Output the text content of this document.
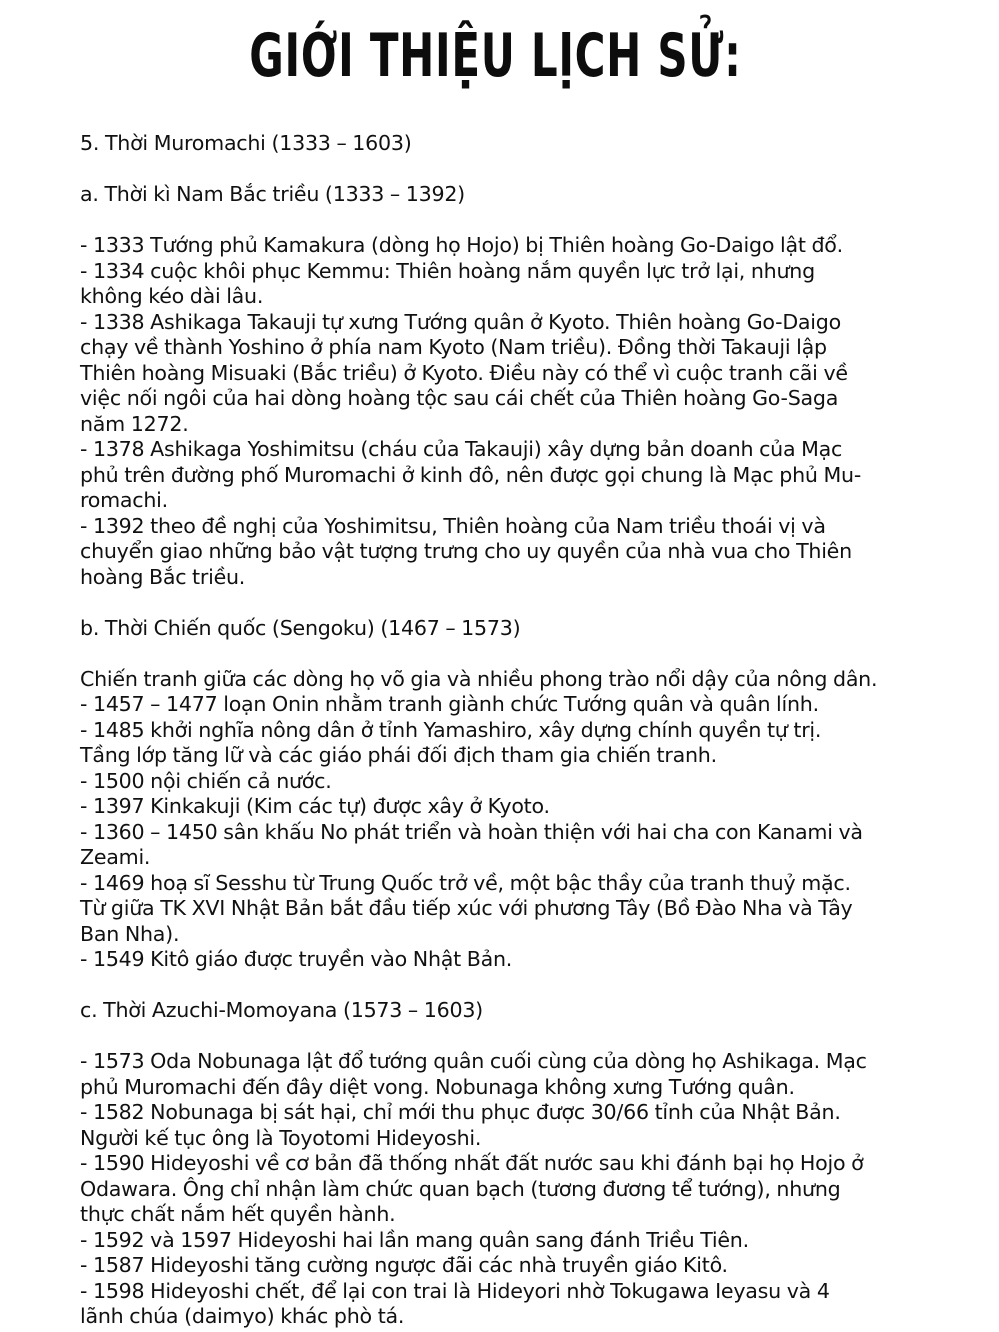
GIỚI THIỆU LỊCH SỬ:
5. Thời Muromachi (1333 – 1603)
a. Thời kì Nam Bắc triều (1333 – 1392)
- 1333 Tướng phủ Kamakura (dòng họ Hojo) bị Thiên hoàng Go-Daigo lật đổ.
- 1334 cuộc khôi phục Kemmu: Thiên hoàng nắm quyền lực trở lại, nhưng
không kéo dài lâu.
- 1338 Ashikaga Takauji tự xưng Tướng quân ở Kyoto. Thiên hoàng Go-Daigo
chạy về thành Yoshino ở phía nam Kyoto (Nam triều). Đồng thời Takauji lập
Thiên hoàng Misuaki (Bắc triều) ở Kyoto. Điều này có thể vì cuộc tranh cãi về
việc nối ngôi của hai dòng hoàng tộc sau cái chết của Thiên hoàng Go-Saga
năm 1272.
- 1378 Ashikaga Yoshimitsu (cháu của Takauji) xây dựng bản doanh của Mạc
phủ trên đường phố Muromachi ở kinh đô, nên được gọi chung là Mạc phủ Mu-
romachi.
- 1392 theo đề nghị của Yoshimitsu, Thiên hoàng của Nam triều thoái vị và
chuyển giao những bảo vật tượng trưng cho uy quyền của nhà vua cho Thiên
hoàng Bắc triều.
b. Thời Chiến quốc (Sengoku) (1467 – 1573)
Chiến tranh giữa các dòng họ võ gia và nhiều phong trào nổi dậy của nông dân.
- 1457 – 1477 loạn Onin nhằm tranh giành chức Tướng quân và quân lính.
- 1485 khởi nghĩa nông dân ở tỉnh Yamashiro, xây dựng chính quyền tự trị.
Tầng lớp tăng lữ và các giáo phái đối địch tham gia chiến tranh.
- 1500 nội chiến cả nước.
- 1397 Kinkakuji (Kim các tự) được xây ở Kyoto.
- 1360 – 1450 sân khấu No phát triển và hoàn thiện với hai cha con Kanami và
Zeami.
- 1469 hoạ sĩ Sesshu từ Trung Quốc trở về, một bậc thầy của tranh thuỷ mặc.
Từ giữa TK XVI Nhật Bản bắt đầu tiếp xúc với phương Tây (Bồ Đào Nha và Tây
Ban Nha).
- 1549 Kitô giáo được truyền vào Nhật Bản.
c. Thời Azuchi-Momoyana (1573 – 1603)
- 1573 Oda Nobunaga lật đổ tướng quân cuối cùng của dòng họ Ashikaga. Mạc
phủ Muromachi đến đây diệt vong. Nobunaga không xưng Tướng quân.
- 1582 Nobunaga bị sát hại, chỉ mới thu phục được 30/66 tỉnh của Nhật Bản.
Người kế tục ông là Toyotomi Hideyoshi.
- 1590 Hideyoshi về cơ bản đã thống nhất đất nước sau khi đánh bại họ Hojo ở
Odawara. Ông chỉ nhận làm chức quan bạch (tương đương tể tướng), nhưng
thực chất nắm hết quyền hành.
- 1592 và 1597 Hideyoshi hai lần mang quân sang đánh Triều Tiên.
- 1587 Hideyoshi tăng cường ngược đãi các nhà truyền giáo Kitô.
- 1598 Hideyoshi chết, để lại con trai là Hideyori nhờ Tokugawa Ieyasu và 4
lãnh chúa (daimyo) khác phò tá.
